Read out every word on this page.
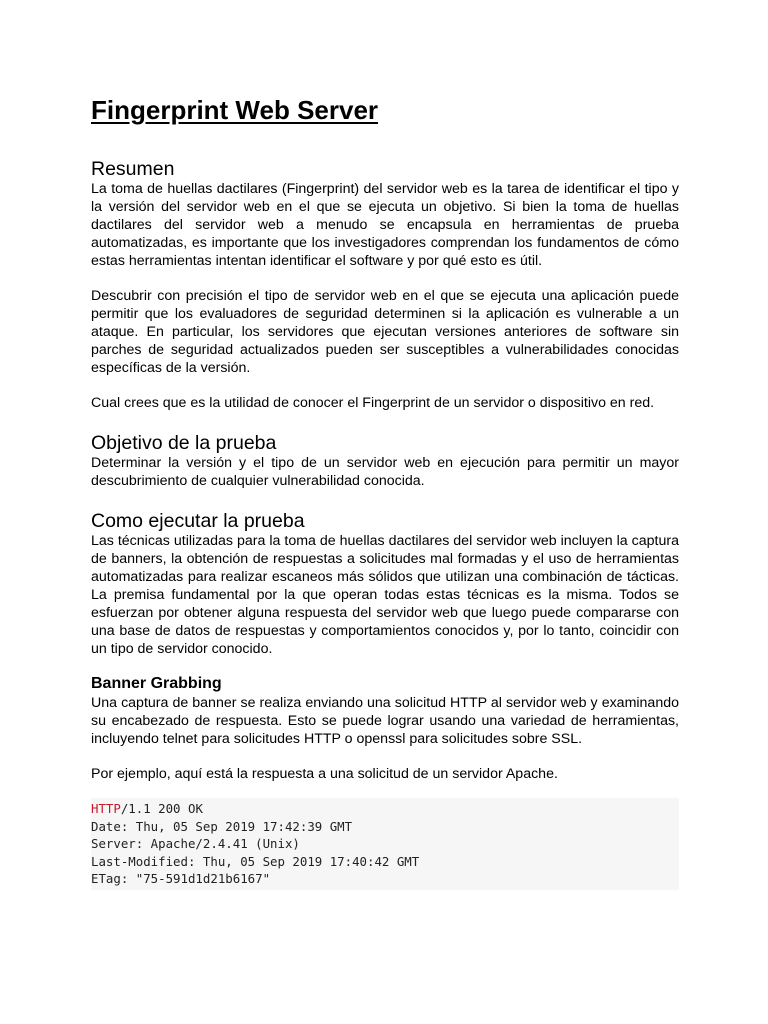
Fingerprint Web Server
Resumen

La toma de huellas dactilares (Fingerprint) del servidor web es la tarea de identificar el tipo y la versión del servidor web en el que se ejecuta un objetivo. Si bien la toma de huellas dactilares del servidor web a menudo se encapsula en herramientas de prueba automatizadas, es importante que los investigadores comprendan los fundamentos de cómo estas herramientas intentan identificar el software y por qué esto es útil.

Descubrir con precisión el tipo de servidor web en el que se ejecuta una aplicación puede permitir que los evaluadores de seguridad determinen si la aplicación es vulnerable a un ataque. En particular, los servidores que ejecutan versiones anteriores de software sin parches de seguridad actualizados pueden ser susceptibles a vulnerabilidades conocidas específicas de la versión.

Cual crees que es la utilidad de conocer el Fingerprint de un servidor o dispositivo en red.

Objetivo de la prueba

Determinar la versión y el tipo de un servidor web en ejecución para permitir un mayor descubrimiento de cualquier vulnerabilidad conocida.

Como ejecutar la prueba

Las técnicas utilizadas para la toma de huellas dactilares del servidor web incluyen la captura de banners, la obtención de respuestas a solicitudes mal formadas y el uso de herramientas automatizadas para realizar escaneos más sólidos que utilizan una combinación de tácticas. La premisa fundamental por la que operan todas estas técnicas es la misma. Todos se esfuerzan por obtener alguna respuesta del servidor web que luego puede compararse con una base de datos de respuestas y comportamientos conocidos y, por lo tanto, coincidir con un tipo de servidor conocido.

Banner Grabbing

Una captura de banner se realiza enviando una solicitud HTTP al servidor web y examinando su encabezado de respuesta. Esto se puede lograr usando una variedad de herramientas, incluyendo telnet para solicitudes HTTP o openssl para solicitudes sobre SSL.

Por ejemplo, aquí está la respuesta a una solicitud de un servidor Apache.

HTTP/1.1 200 OK
Date: Thu, 05 Sep 2019 17:42:39 GMT
Server: Apache/2.4.41 (Unix)
Last-Modified: Thu, 05 Sep 2019 17:40:42 GMT
ETag: "75-591d1d21b6167"
